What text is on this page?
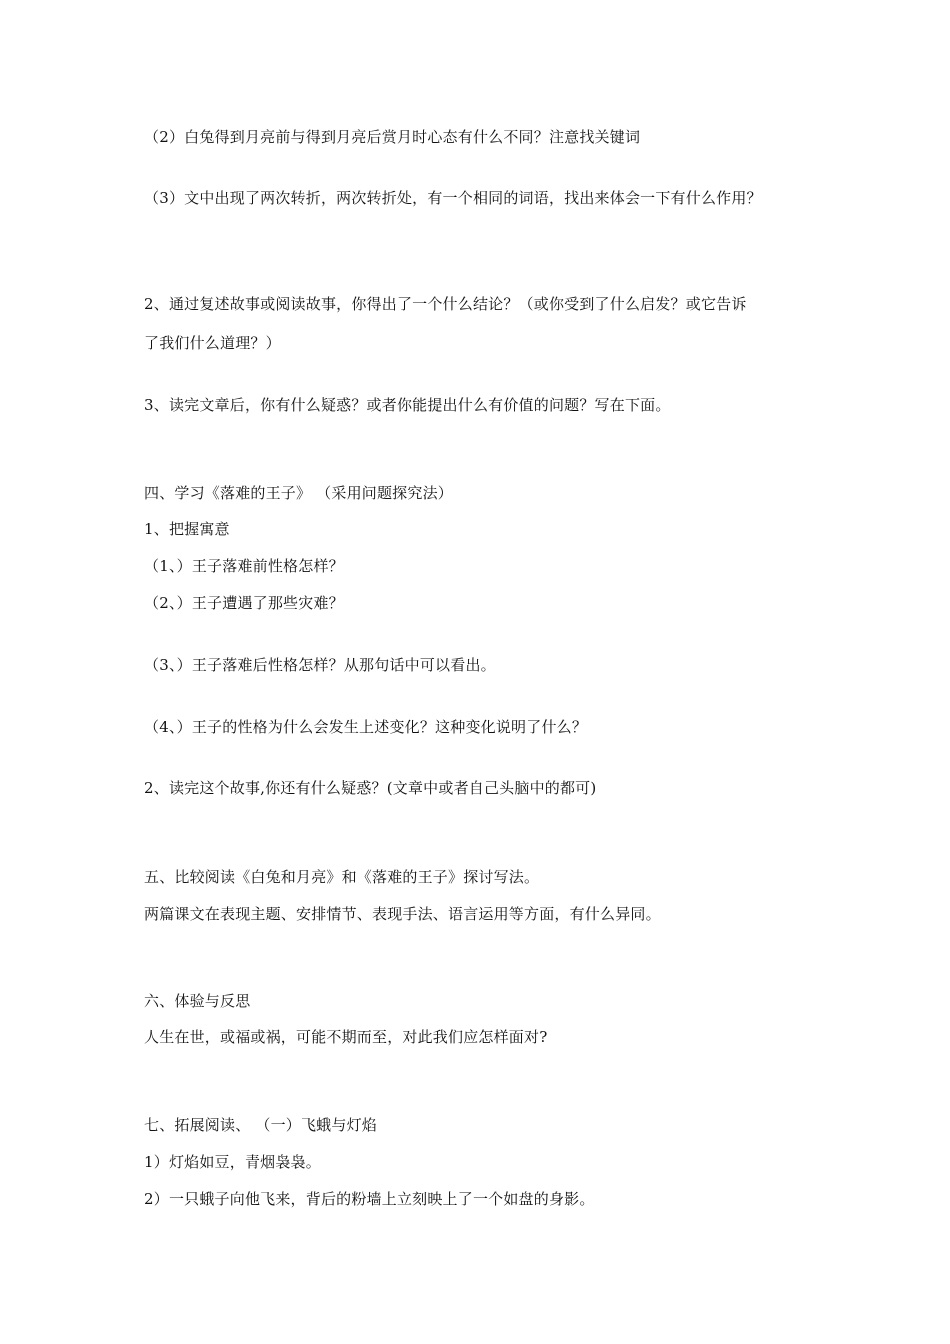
（2）白兔得到月亮前与得到月亮后赏月时心态有什么不同？注意找关键词
（3）文中出现了两次转折，两次转折处，有一个相同的词语，找出来体会一下有什么作用？
2、通过复述故事或阅读故事，你得出了一个什么结论？（或你受到了什么启发？或它告诉
了我们什么道理？）
3、读完文章后，你有什么疑惑？或者你能提出什么有价值的问题？写在下面。
四、学习《落难的王子》 （采用问题探究法）
1、把握寓意
（1、）王子落难前性格怎样？
（2、）王子遭遇了那些灾难？
（3、）王子落难后性格怎样？从那句话中可以看出。
（4、）王子的性格为什么会发生上述变化？这种变化说明了什么？
2、读完这个故事,你还有什么疑惑？(文章中或者自己头脑中的都可)
五、比较阅读《白兔和月亮》和《落难的王子》探讨写法。
两篇课文在表现主题、安排情节、表现手法、语言运用等方面，有什么异同。
六、体验与反思
人生在世，或福或祸，可能不期而至，对此我们应怎样面对?
七、拓展阅读、 （一）飞蛾与灯焰
1）灯焰如豆，青烟袅袅。
2）一只蛾子向他飞来，背后的粉墙上立刻映上了一个如盘的身影。
